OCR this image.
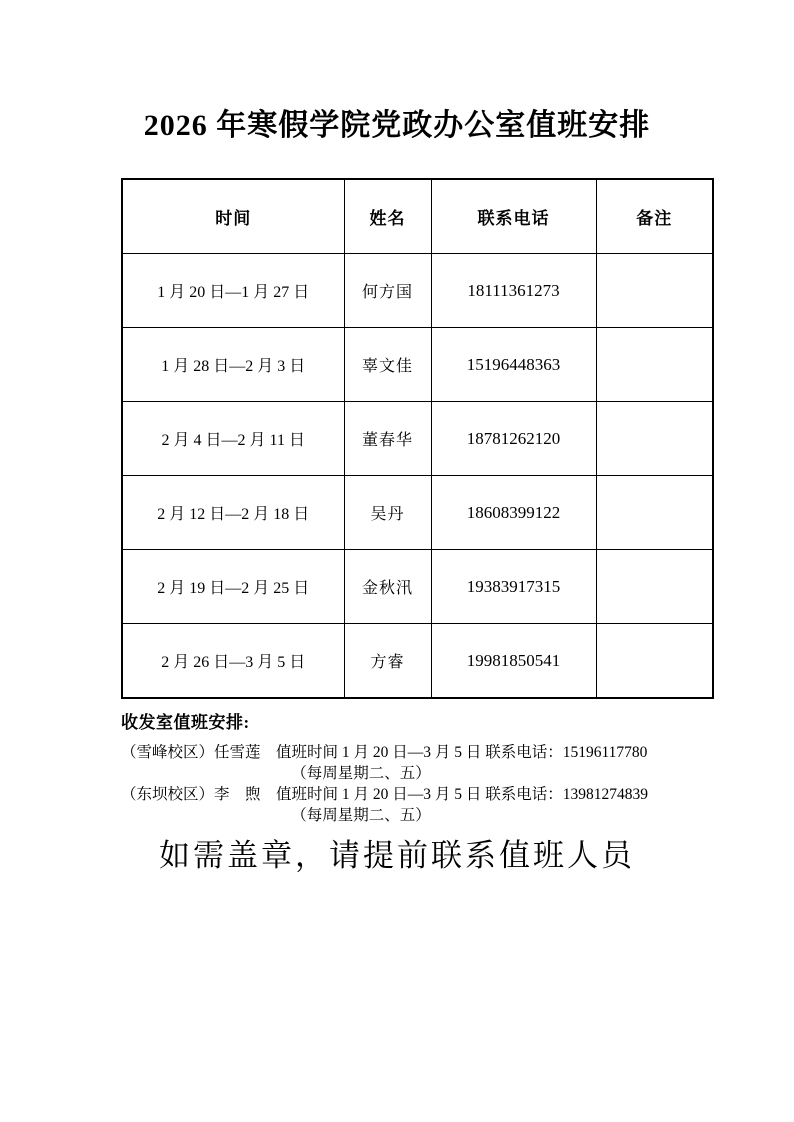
2026 年寒假学院党政办公室值班安排
时间	姓名	联系电话	备注
1 月 20 日—1 月 27 日	何方国	18111361273	
1 月 28 日—2 月 3 日	辜文佳	15196448363	
2 月 4 日—2 月 11 日	董春华	18781262120	
2 月 12 日—2 月 18 日	吴丹	18608399122	
2 月 19 日—2 月 25 日	金秋汛	19383917315	
2 月 26 日—3 月 5 日	方睿	19981850541	
收发室值班安排:
（雪峰校区）任雪莲　值班时间 1 月 20 日—3 月 5 日 联系电话：15196117780
（每周星期二、五）
（东坝校区）李　煦　值班时间 1 月 20 日—3 月 5 日 联系电话：13981274839
（每周星期二、五）
如需盖章，请提前联系值班人员
